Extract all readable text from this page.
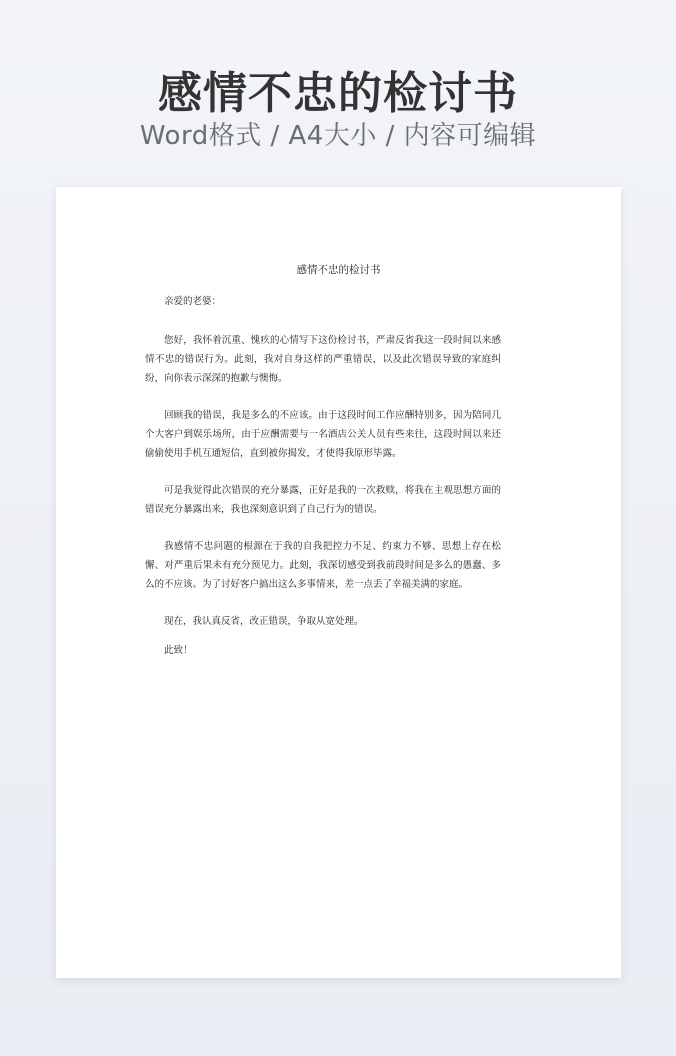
感情不忠的检讨书
Word格式 / A4大小 / 内容可编辑
感情不忠的检讨书

亲爱的老婆：

您好，我怀着沉重、愧疚的心情写下这份检讨书，严肃反省我这一段时间以来感情不忠的错误行为。此刻，我对自身这样的严重错误，以及此次错误导致的家庭纠纷，向你表示深深的抱歉与懊悔。

回顾我的错误，我是多么的不应该。由于这段时间工作应酬特别多，因为陪同几个大客户到娱乐场所，由于应酬需要与一名酒店公关人员有些来往，这段时间以来还偷偷使用手机互通短信，直到被你揭发，才使得我原形毕露。

可是我觉得此次错误的充分暴露，正好是我的一次救赎，将我在主观思想方面的错误充分暴露出来，我也深刻意识到了自己行为的错误。

我感情不忠问题的根源在于我的自我把控力不足、约束力不够、思想上存在松懈、对严重后果未有充分预见力。此刻，我深切感受到我前段时间是多么的愚蠢、多么的不应该。为了讨好客户搞出这么多事情来，差一点丢了幸福美满的家庭。

现在，我认真反省，改正错误，争取从宽处理。

此致！
